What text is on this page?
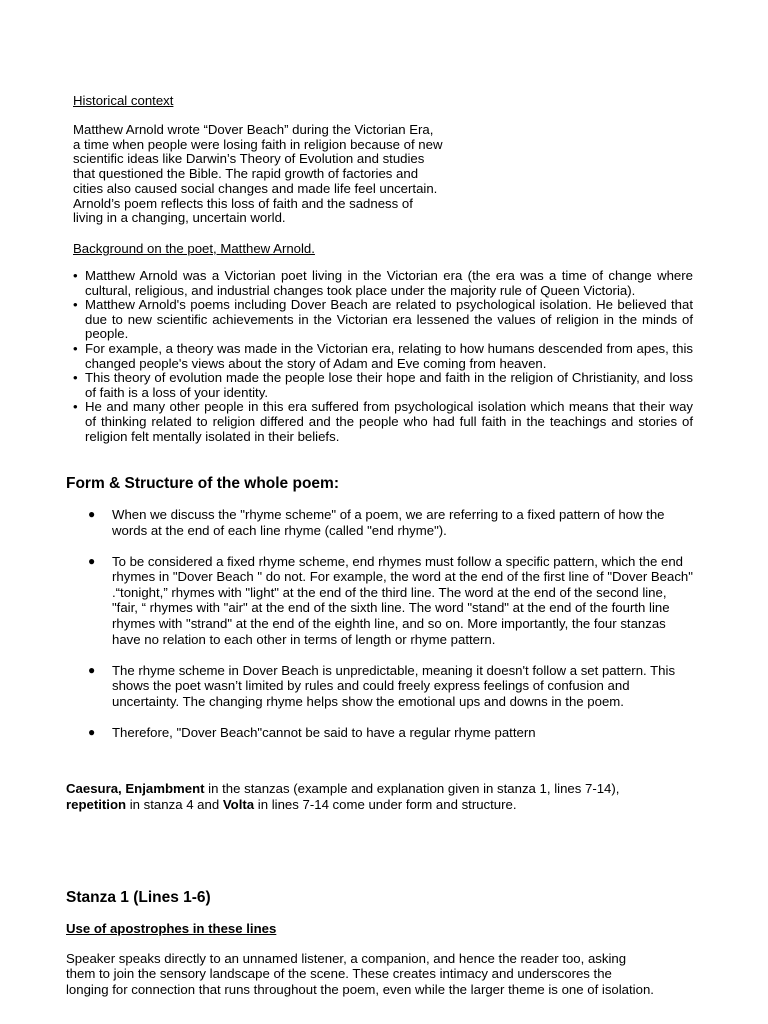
Historical context

Matthew Arnold wrote “Dover Beach” during the Victorian Era,

a time when people were losing faith in religion because of new

scientific ideas like Darwin’s Theory of Evolution and studies

that questioned the Bible. The rapid growth of factories and

cities also caused social changes and made life feel uncertain.

Arnold’s poem reflects this loss of faith and the sadness of

living in a changing, uncertain world.

Background on the poet, Matthew Arnold.
• Matthew Arnold was a Victorian poet living in the Victorian era (the era was a time of change where cultural, religious, and industrial changes took place under the majority rule of Queen Victoria).
• Matthew Arnold's poems including Dover Beach are related to psychological isolation. He believed that due to new scientific achievements in the Victorian era lessened the values of religion in the minds of people.
• For example, a theory was made in the Victorian era, relating to how humans descended from apes, this changed people's views about the story of Adam and Eve coming from heaven.
• This theory of evolution made the people lose their hope and faith in the religion of Christianity, and loss of faith is a loss of your identity.
• He and many other people in this era suffered from psychological isolation which means that their way of thinking related to religion differed and the people who had full faith in the teachings and stories of religion felt mentally isolated in their beliefs.
Form & Structure of the whole poem:
● When we discuss the "rhyme scheme" of a poem, we are referring to a fixed pattern of how the words at the end of each line rhyme (called "end rhyme").
● To be considered a fixed rhyme scheme, end rhymes must follow a specific pattern, which the end rhymes in "Dover Beach " do not. For example, the word at the end of the first line of "Dover Beach" .“tonight,” rhymes with "light" at the end of the third line. The word at the end of the second line, "fair, “ rhymes with "air" at the end of the sixth line. The word "stand" at the end of the fourth line rhymes with "strand" at the end of the eighth line, and so on. More importantly, the four stanzas have no relation to each other in terms of length or rhyme pattern.
● The rhyme scheme in Dover Beach is unpredictable, meaning it doesn't follow a set pattern. This shows the poet wasn’t limited by rules and could freely express feelings of confusion and uncertainty. The changing rhyme helps show the emotional ups and downs in the poem.
● Therefore, "Dover Beach"cannot be said to have a regular rhyme pattern
Caesura, Enjambment in the stanzas (example and explanation given in stanza 1, lines 7-14),
repetition in stanza 4 and Volta in lines 7-14 come under form and structure.
Stanza 1 (Lines 1-6)
Use of apostrophes in these lines

Speaker speaks directly to an unnamed listener, a companion, and hence the reader too, asking

them to join the sensory landscape of the scene. These creates intimacy and underscores the

longing for connection that runs throughout the poem, even while the larger theme is one of isolation.
